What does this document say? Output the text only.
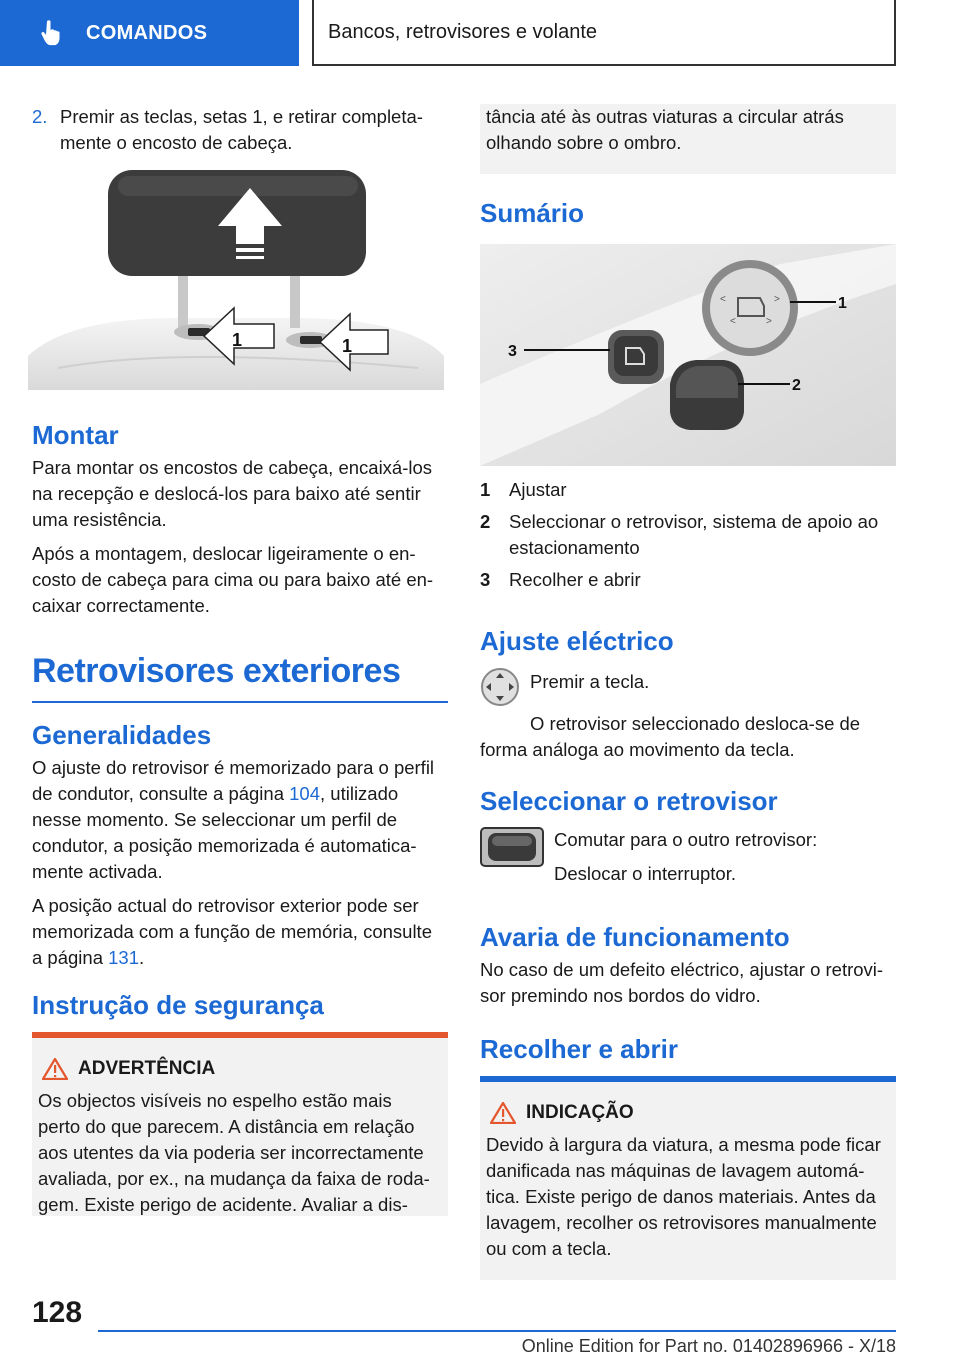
COMANDOS	Bancos, retrovisores e volante
2. Premir as teclas, setas 1, e retirar completa‐
mente o encosto de cabeça.
1	1
Montar

Para montar os encostos de cabeça, encaixá-los

na recepção e deslocá-los para baixo até sentir

uma resistência.

Após a montagem, deslocar ligeiramente o en‐

costo de cabeça para cima ou para baixo até en‐

caixar correctamente.

Retrovisores exteriores
Generalidades

O ajuste do retrovisor é memorizado para o perfil

de condutor, consulte a página 104, utilizado

nesse momento. Se seleccionar um perfil de

condutor, a posição memorizada é automatica‐

mente activada.

A posição actual do retrovisor exterior pode ser

memorizada com a função de memória, consulte

a página 131.

Instrução de segurança
ADVERTÊNCIA

Os objectos visíveis no espelho estão mais

perto do que parecem. A distância em relação

aos utentes da via poderia ser incorrectamente

avaliada, por ex., na mudança da faixa de roda‐

gem. Existe perigo de acidente. Avaliar a dis‐

tância até às outras viaturas a circular atrás

olhando sobre o ombro.

Sumário
<	>
<	>
1
3
2
1	Ajustar
2	Seleccionar o retrovisor, sistema de apoio ao
estacionamento
3	Recolher e abrir
Ajuste eléctrico

Premir a tecla.

O retrovisor seleccionado desloca-se de

forma análoga ao movimento da tecla.

Seleccionar o retrovisor

Comutar para o outro retrovisor:

Deslocar o interruptor.

Avaria de funcionamento

No caso de um defeito eléctrico, ajustar o retrovi‐

sor premindo nos bordos do vidro.

Recolher e abrir
INDICAÇÃO

Devido à largura da viatura, a mesma pode ficar

danificada nas máquinas de lavagem automá‐

tica. Existe perigo de danos materiais. Antes da

lavagem, recolher os retrovisores manualmente

ou com a tecla.

128
Online Edition for Part no. 01402896966 - X/18
